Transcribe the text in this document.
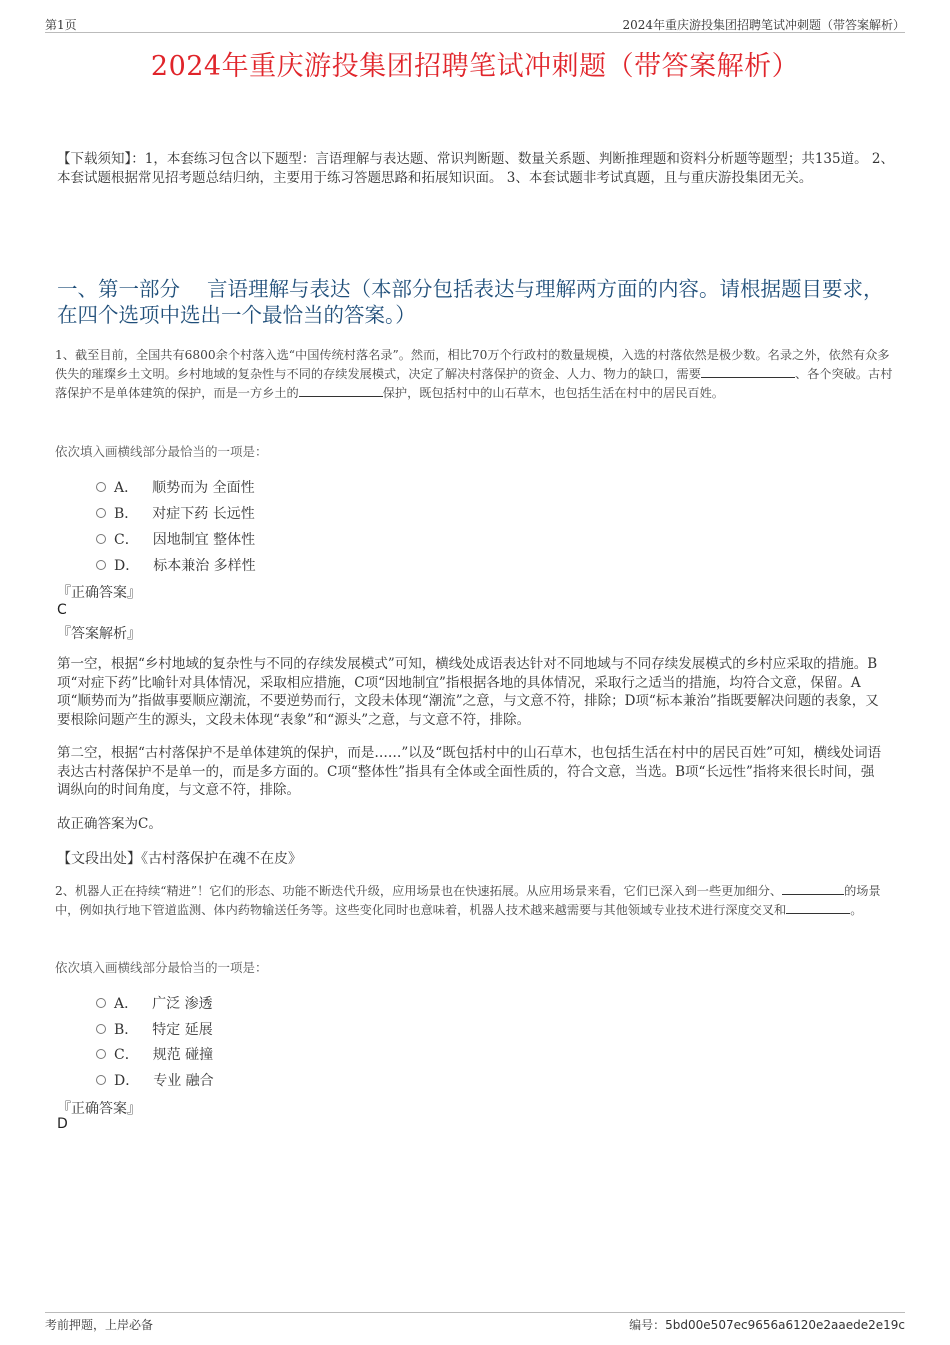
第1页	2024年重庆游投集团招聘笔试冲刺题（带答案解析）
2024年重庆游投集团招聘笔试冲刺题（带答案解析）
【下载须知】：1，本套练习包含以下题型：言语理解与表达题、常识判断题、数量关系题、判断推理题和资料分析题等题型；共135道。 2、本套试题根据常见招考题总结归纳，主要用于练习答题思路和拓展知识面。 3、本套试题非考试真题，且与重庆游投集团无关。
一、第一部分　 言语理解与表达（本部分包括表达与理解两方面的内容。请根据题目要求，在四个选项中选出一个最恰当的答案。）
1、截至目前，全国共有6800余个村落入选“中国传统村落名录”。然而，相比70万个行政村的数量规模，入选的村落依然是极少数。名录之外，依然有众多佚失的璀璨乡土文明。乡村地域的复杂性与不同的存续发展模式，决定了解决村落保护的资金、人力、物力的缺口，需要	、各个突破。古村落保护不是单体建筑的保护，而是一方乡土的	保护，既包括村中的山石草木，也包括生活在村中的居民百姓。
依次填入画横线部分最恰当的一项是：
A． 顺势而为 全面性
B． 对症下药 长远性
C． 因地制宜 整体性
D． 标本兼治 多样性
『正确答案』
C
『答案解析』
第一空，根据“乡村地域的复杂性与不同的存续发展模式”可知，横线处成语表达针对不同地域与不同存续发展模式的乡村应采取的措施。B项“对症下药”比喻针对具体情况，采取相应措施，C项“因地制宜”指根据各地的具体情况，采取行之适当的措施，均符合文意，保留。A项“顺势而为”指做事要顺应潮流，不要逆势而行，文段未体现“潮流”之意，与文意不符，排除；D项“标本兼治”指既要解决问题的表象，又要根除问题产生的源头，文段未体现“表象”和“源头”之意，与文意不符，排除。
第二空，根据“古村落保护不是单体建筑的保护，而是……”以及“既包括村中的山石草木，也包括生活在村中的居民百姓”可知，横线处词语表达古村落保护不是单一的，而是多方面的。C项“整体性”指具有全体或全面性质的，符合文意，当选。B项“长远性”指将来很长时间，强调纵向的时间角度，与文意不符，排除。
故正确答案为C。
【文段出处】《古村落保护在魂不在皮》
2、机器人正在持续“精进”！它们的形态、功能不断迭代升级，应用场景也在快速拓展。从应用场景来看，它们已深入到一些更加细分、	的场景中，例如执行地下管道监测、体内药物输送任务等。这些变化同时也意味着，机器人技术越来越需要与其他领域专业技术进行深度交叉和	。
依次填入画横线部分最恰当的一项是：
A． 广泛 渗透
B． 特定 延展
C． 规范 碰撞
D． 专业 融合
『正确答案』
D
考前押题，上岸必备	编号：5bd00e507ec9656a6120e2aaede2e19c
